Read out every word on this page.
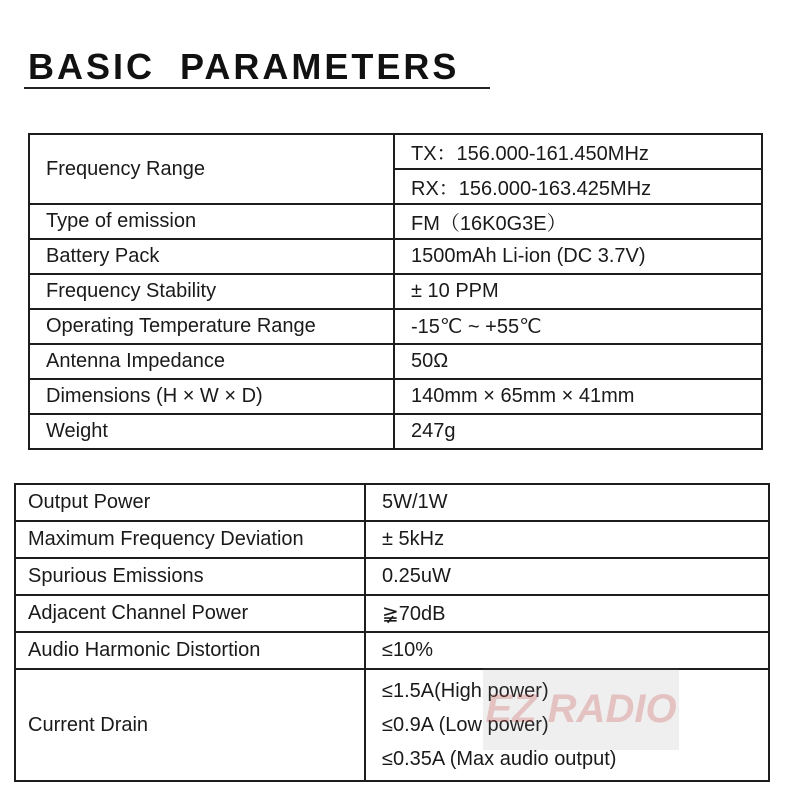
BASIC PARAMETERS
Frequency Range	TX：156.000-161.450MHz
	RX：156.000-163.425MHz
Type of emission	FM（16K0G3E）
Battery Pack	1500mAh Li-ion (DC 3.7V)
Frequency Stability	± 10 PPM
Operating Temperature Range	-15℃ ~ +55℃
Antenna Impedance	50Ω
Dimensions (H × W × D)	140mm × 65mm × 41mm
Weight	247g
Output Power	5W/1W
Maximum Frequency Deviation	± 5kHz
Spurious Emissions	0.25uW
Adjacent Channel Power	≩70dB
Audio Harmonic Distortion	≤10%
Current Drain	≤1.5A(High power)
≤0.9A (Low power)
≤0.35A (Max audio output)
EZ RADIO
